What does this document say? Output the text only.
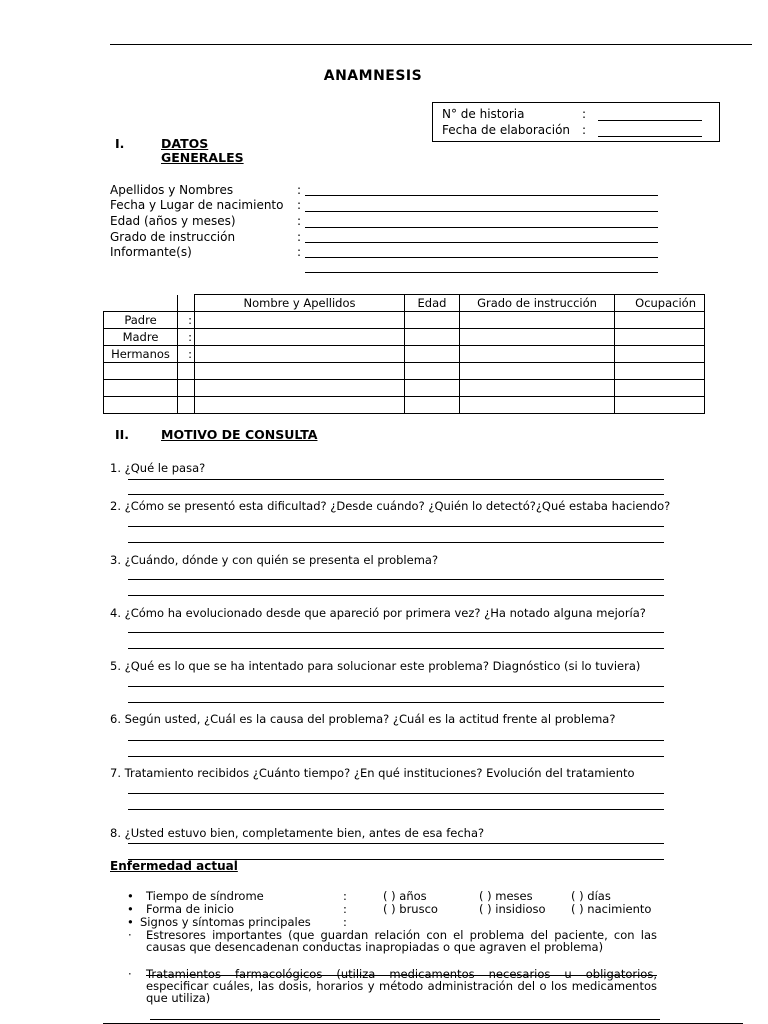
ANAMNESIS
N° de historia	:
Fecha de elaboración :
I.	DATOS
GENERALES
Apellidos y Nombres	:
Fecha y Lugar de nacimiento :
Edad (años y meses)	:
Grado de instrucción	:
Informante(s)	:
		Nombre y Apellidos	Edad	Grado de instrucción	Ocupación
Padre	:				
Madre	:				
Hermanos	:				

II.	MOTIVO DE CONSULTA
1. ¿Qué le pasa?
2. ¿Cómo se presentó esta dificultad? ¿Desde cuándo? ¿Quién lo detectó?¿Qué estaba haciendo?
3. ¿Cuándo, dónde y con quién se presenta el problema?
4. ¿Cómo ha evolucionado desde que apareció por primera vez? ¿Ha notado alguna mejoría?
5. ¿Qué es lo que se ha intentado para solucionar este problema? Diagnóstico (si lo tuviera)
6. Según usted, ¿Cuál es la causa del problema? ¿Cuál es la actitud frente al problema?
7. Tratamiento recibidos ¿Cuánto tiempo? ¿En qué instituciones? Evolución del tratamiento
8. ¿Usted estuvo bien, completamente bien, antes de esa fecha?
Enfermedad actual
• Tiempo de síndrome	:	( ) años	( ) meses	( ) días
• Forma de inicio	:	( ) brusco	( ) insidioso ( ) nacimiento
• Signos y síntomas principales	:
· Estresores importantes (que guardan relación con el problema del paciente, con las causas que desencadenan conductas inapropiadas o que agraven el problema)
· Tratamientos farmacológicos (utiliza medicamentos necesarios u obligatorios, especificar cuáles, las dosis, horarios y método administración del o los medicamentos que utiliza)
